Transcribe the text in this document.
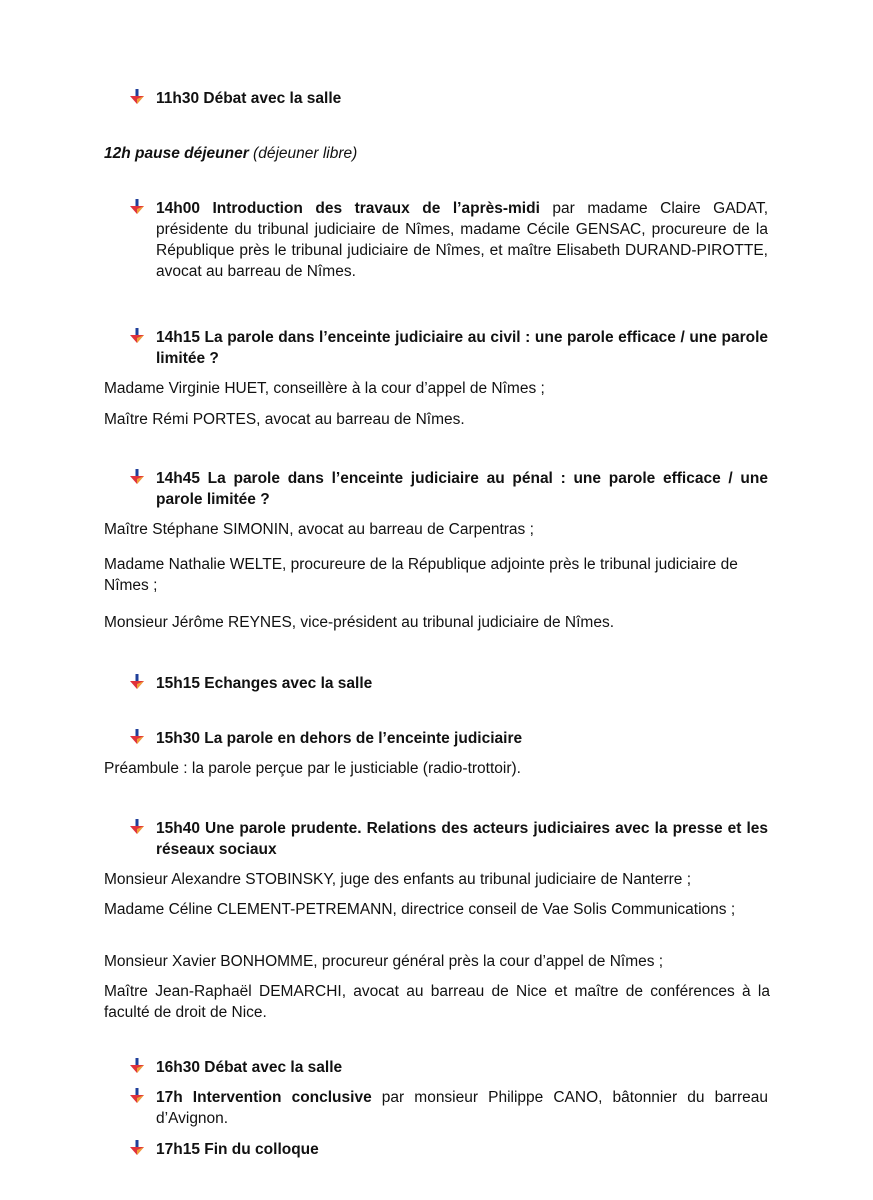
11h30 Débat avec la salle
12h pause déjeuner (déjeuner libre)
14h00 Introduction des travaux de l’après-midi par madame Claire GADAT, présidente du tribunal judiciaire de Nîmes, madame Cécile GENSAC, procureure de la République près le tribunal judiciaire de Nîmes, et maître Elisabeth DURAND-PIROTTE, avocat au barreau de Nîmes.
14h15 La parole dans l’enceinte judiciaire au civil : une parole efficace / une parole limitée ?
Madame Virginie HUET, conseillère à la cour d’appel de Nîmes ;
Maître Rémi PORTES, avocat au barreau de Nîmes.
14h45 La parole dans l’enceinte judiciaire au pénal : une parole efficace / une parole limitée ?
Maître Stéphane SIMONIN, avocat au barreau de Carpentras ;
Madame Nathalie WELTE, procureure de la République adjointe près le tribunal judiciaire de Nîmes ;
Monsieur Jérôme REYNES, vice-président au tribunal judiciaire de Nîmes.
15h15 Echanges avec la salle
15h30 La parole en dehors de l’enceinte judiciaire
Préambule : la parole perçue par le justiciable (radio-trottoir).
15h40 Une parole prudente. Relations des acteurs judiciaires avec la presse et les réseaux sociaux
Monsieur Alexandre STOBINSKY, juge des enfants au tribunal judiciaire de Nanterre ;
Madame Céline CLEMENT-PETREMANN, directrice conseil de Vae Solis Communications ;
Monsieur Xavier BONHOMME, procureur général près la cour d’appel de Nîmes ;
Maître Jean-Raphaël DEMARCHI, avocat au barreau de Nice et maître de conférences à la faculté de droit de Nice.
16h30 Débat avec la salle
17h Intervention conclusive par monsieur Philippe CANO, bâtonnier du barreau d’Avignon.
17h15 Fin du colloque
